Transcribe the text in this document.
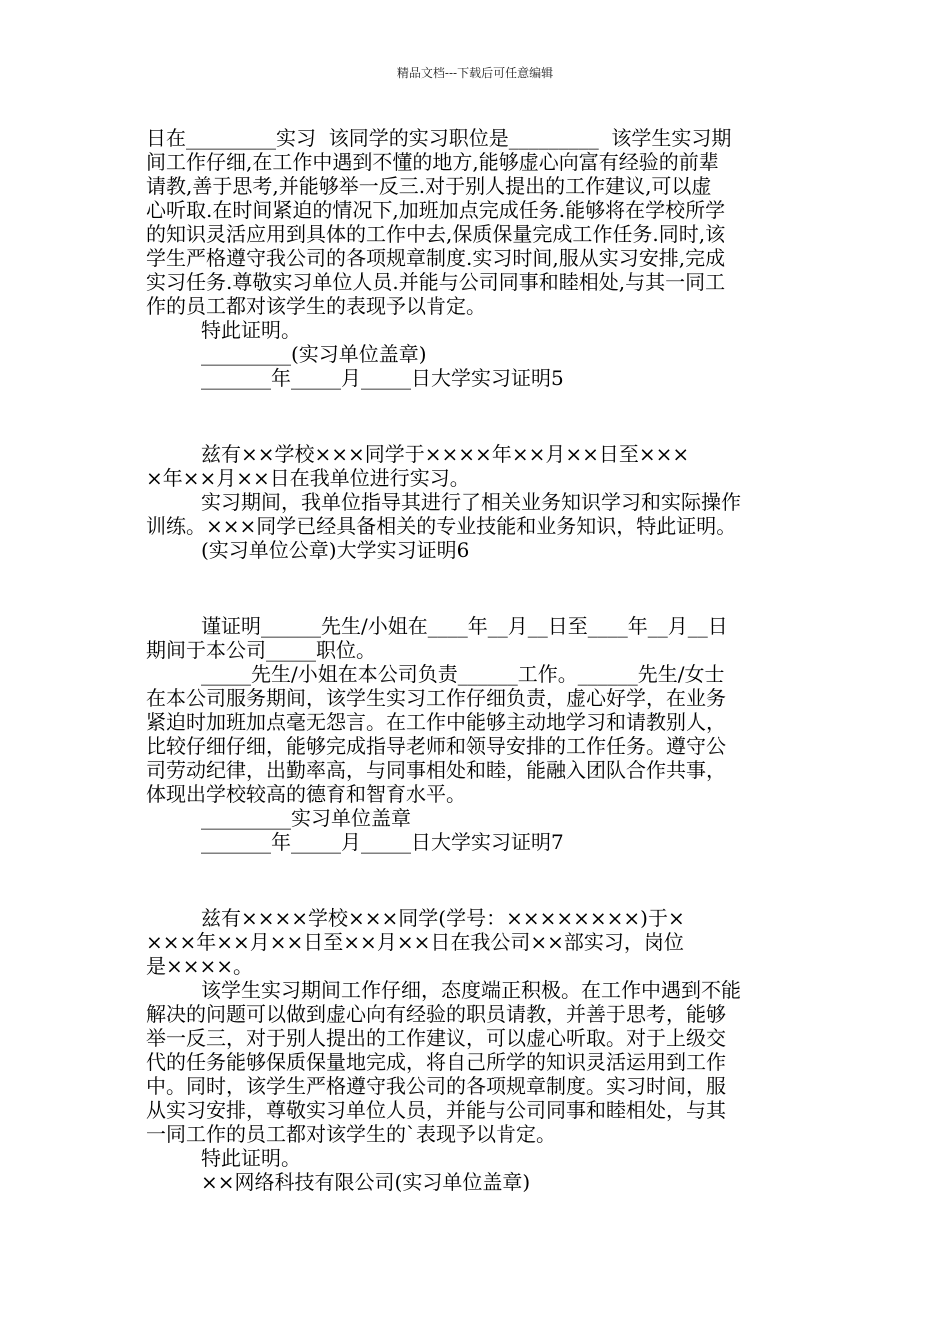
精品文档---下载后可任意编辑
日在_________实习  该同学的实习职位是_________  该学生实习期
间工作仔细,在工作中遇到不懂的地方,能够虚心向富有经验的前辈
请教,善于思考,并能够举一反三.对于别人提出的工作建议,可以虚
心听取.在时间紧迫的情况下,加班加点完成任务.能够将在学校所学
的知识灵活应用到具体的工作中去,保质保量完成工作任务.同时,该
学生严格遵守我公司的各项规章制度.实习时间,服从实习安排,完成
实习任务.尊敬实习单位人员.并能与公司同事和睦相处,与其一同工
作的员工都对该学生的表现予以肯定。
特此证明。
_________(实习单位盖章)
_______年_____月_____日大学实习证明5
兹有××学校×××同学于××××年××月××日至×××
×年××月××日在我单位进行实习。
实习期间，我单位指导其进行了相关业务知识学习和实际操作
训练。×××同学已经具备相关的专业技能和业务知识，特此证明。
(实习单位公章)大学实习证明6
谨证明______先生/小姐在____年__月__日至____年__月__日
期间于本公司_____职位。
_____先生/小姐在本公司负责______工作。______先生/女士
在本公司服务期间，该学生实习工作仔细负责，虚心好学，在业务
紧迫时加班加点毫无怨言。在工作中能够主动地学习和请教别人，
比较仔细仔细，能够完成指导老师和领导安排的工作任务。遵守公
司劳动纪律，出勤率高，与同事相处和睦，能融入团队合作共事，
体现出学校较高的德育和智育水平。
_________实习单位盖章
_______年_____月_____日大学实习证明7
兹有××××学校×××同学(学号：××××××××)于×
×××年××月××日至××月××日在我公司××部实习，岗位
是××××。
该学生实习期间工作仔细，态度端正积极。在工作中遇到不能
解决的问题可以做到虚心向有经验的职员请教，并善于思考，能够
举一反三，对于别人提出的工作建议，可以虚心听取。对于上级交
代的任务能够保质保量地完成，将自己所学的知识灵活运用到工作
中。同时，该学生严格遵守我公司的各项规章制度。实习时间，服
从实习安排，尊敬实习单位人员，并能与公司同事和睦相处，与其
一同工作的员工都对该学生的`表现予以肯定。
特此证明。
××网络科技有限公司(实习单位盖章)
